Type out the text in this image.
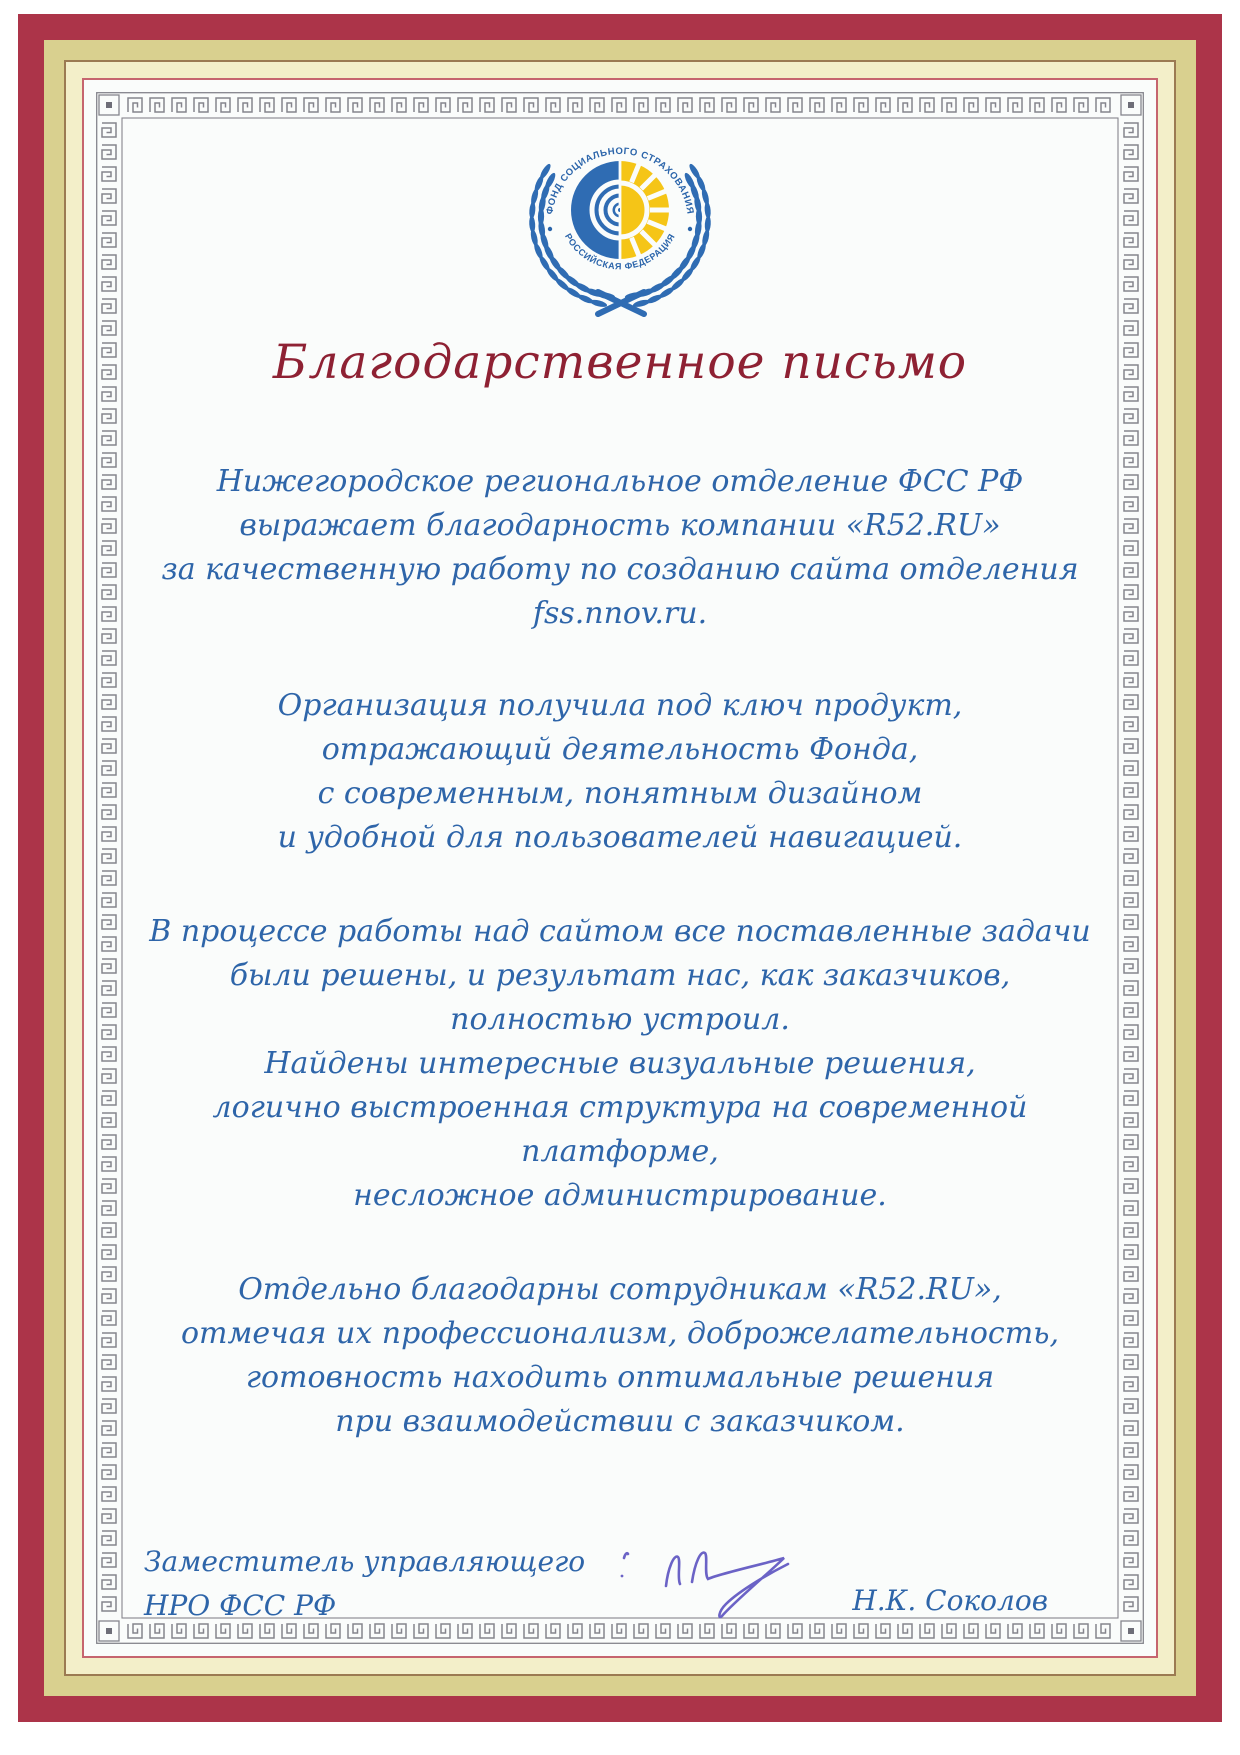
ФОНД СОЦИАЛЬНОГО СТРАХОВАНИЯ
РОССИЙСКАЯ ФЕДЕРАЦИЯ
Благодарственное письмо
Нижегородское региональное отделение ФСС РФ
выражает благодарность компании «R52.RU»
за качественную работу по созданию сайта отделения
fss.nnov.ru.
Организация получила под ключ продукт,
отражающий деятельность Фонда,
с современным, понятным дизайном
и удобной для пользователей навигацией.
В процессе работы над сайтом все поставленные задачи
были решены, и результат нас, как заказчиков,
полностью устроил.
Найдены интересные визуальные решения,
логично выстроенная структура на современной платформе,
несложное администрирование.
Отдельно благодарны сотрудникам «R52.RU»,
отмечая их профессионализм, доброжелательность,
готовность находить оптимальные решения
при взаимодействии с заказчиком.
Заместитель управляющего
НРО ФСС РФ	Н.К. Соколов
